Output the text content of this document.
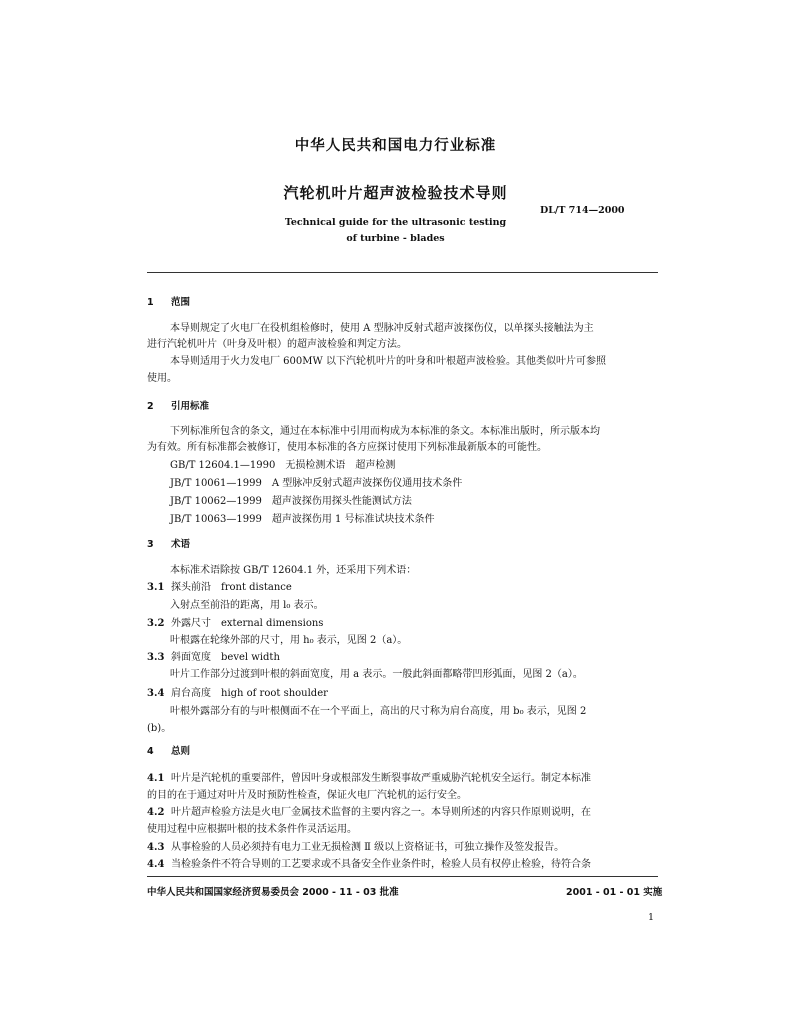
中华人民共和国电力行业标准
汽轮机叶片超声波检验技术导则
DL/T 714—2000
Technical guide for the ultrasonic testing
of turbine - blades
1 范围
本导则规定了火电厂在役机组检修时，使用 A 型脉冲反射式超声波探伤仪，以单探头接触法为主
进行汽轮机叶片（叶身及叶根）的超声波检验和判定方法。
本导则适用于火力发电厂 600MW 以下汽轮机叶片的叶身和叶根超声波检验。其他类似叶片可参照
使用。
2 引用标准
下列标准所包含的条文，通过在本标准中引用而构成为本标准的条文。本标准出版时，所示版本均
为有效。所有标准都会被修订，使用本标准的各方应探讨使用下列标准最新版本的可能性。
GB/T 12604.1—1990　无损检测术语　超声检测
JB/T 10061—1999　A 型脉冲反射式超声波探伤仪通用技术条件
JB/T 10062—1999　超声波探伤用探头性能测试方法
JB/T 10063—1999　超声波探伤用 1 号标准试块技术条件
3 术语
本标准术语除按 GB/T 12604.1 外，还采用下列术语：
3.1 探头前沿　front distance
入射点至前沿的距离，用 l₀ 表示。
3.2 外露尺寸　external dimensions
叶根露在轮缘外部的尺寸，用 h₀ 表示，见图 2（a）。
3.3 斜面宽度　bevel width
叶片工作部分过渡到叶根的斜面宽度，用 a 表示。一般此斜面都略带凹形弧面，见图 2（a）。
3.4 肩台高度　high of root shoulder
叶根外露部分有的与叶根侧面不在一个平面上，高出的尺寸称为肩台高度，用 b₀ 表示，见图 2
(b)。
4 总则
4.1 叶片是汽轮机的重要部件，曾因叶身或根部发生断裂事故严重威胁汽轮机安全运行。制定本标准
的目的在于通过对叶片及时预防性检查，保证火电厂汽轮机的运行安全。
4.2 叶片超声检验方法是火电厂金属技术监督的主要内容之一。本导则所述的内容只作原则说明，在
使用过程中应根据叶根的技术条件作灵活运用。
4.3 从事检验的人员必须持有电力工业无损检测 Ⅱ 级以上资格证书，可独立操作及签发报告。
4.4 当检验条件不符合导则的工艺要求或不具备安全作业条件时，检验人员有权停止检验，待符合条
中华人民共和国国家经济贸易委员会 2000 - 11 - 03 批准	2001 - 01 - 01 实施
1
